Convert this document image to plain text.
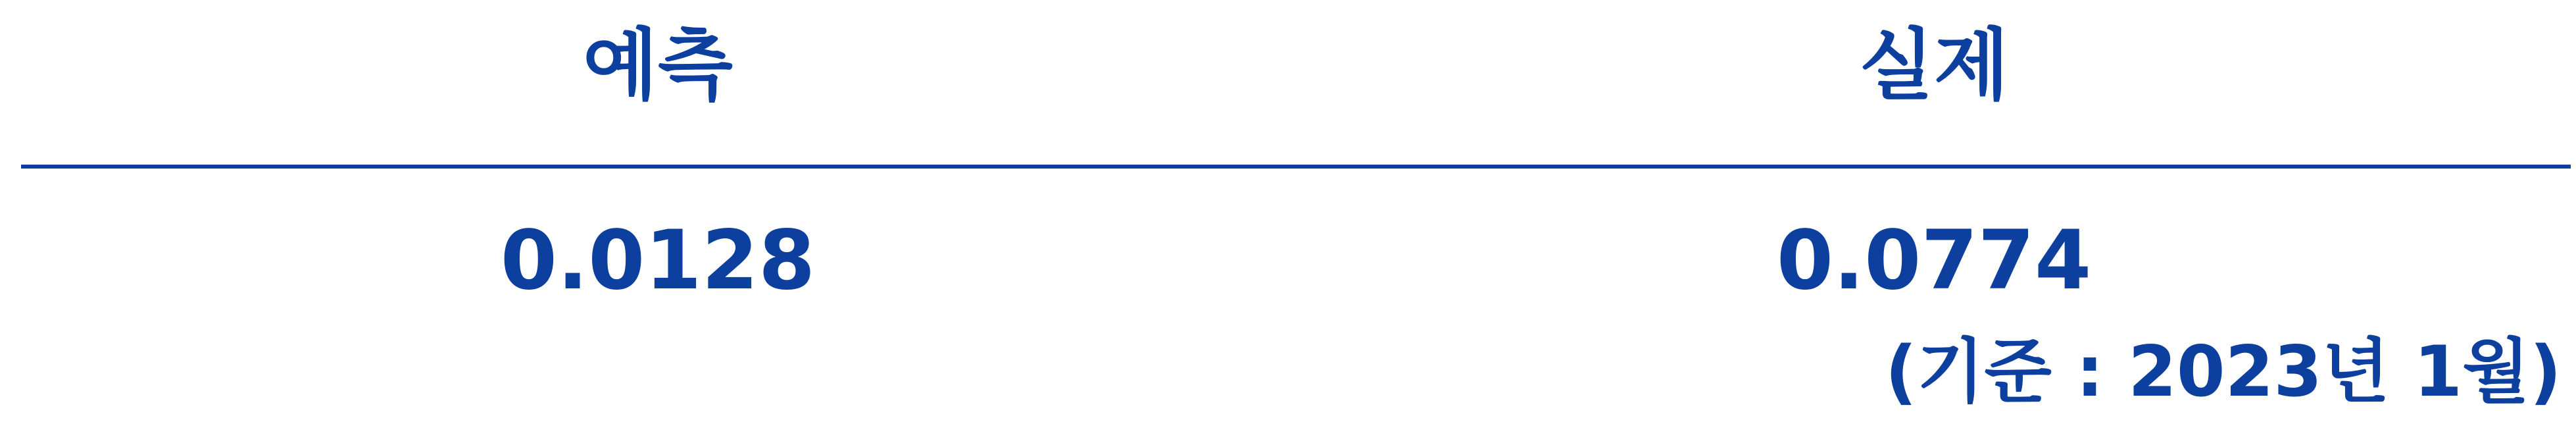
예측	실제
0.0128	0.0774
(기준 : 2023년 1월)
